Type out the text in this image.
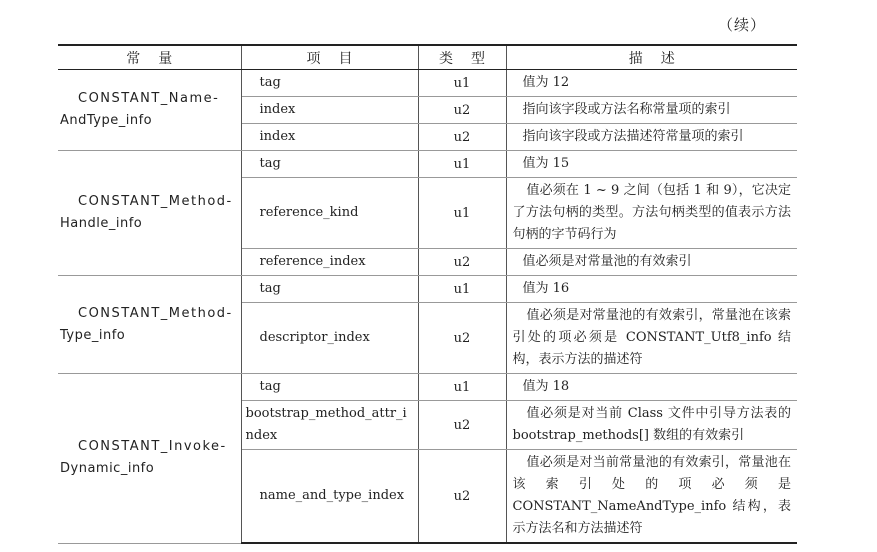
（续）
常量	项目	类型	描述

CONSTANT_Name-
AndType_info	tag	u1	值为 12
	index	u2	指向该字段或方法名称常量项的索引
	index	u2	指向该字段或方法描述符常量项的索引

CONSTANT_Method-
Handle_info	tag	u1	值为 15
	reference_kind	u1	值必须在 1 ~ 9 之间（包括 1 和 9），它决定了方法句柄的类型。方法句柄类型的值表示方法句柄的字节码行为
	reference_index	u2	值必须是对常量池的有效索引

CONSTANT_Method-
Type_info	tag	u1	值为 16
	descriptor_index	u2	值必须是对常量池的有效索引，常量池在该索引处的项必须是 CONSTANT_Utf8_info 结构，表示方法的描述符

CONSTANT_Invoke-
Dynamic_info	tag	u1	值为 18
	bootstrap_method_attr_index	u2	值必须是对当前 Class 文件中引导方法表的 bootstrap_methods[] 数组的有效索引
	name_and_type_index	u2	值必须是对当前常量池的有效索引，常量池在该索引处的项必须是 CONSTANT_NameAndType_info 结构，表示方法名和方法描述符
